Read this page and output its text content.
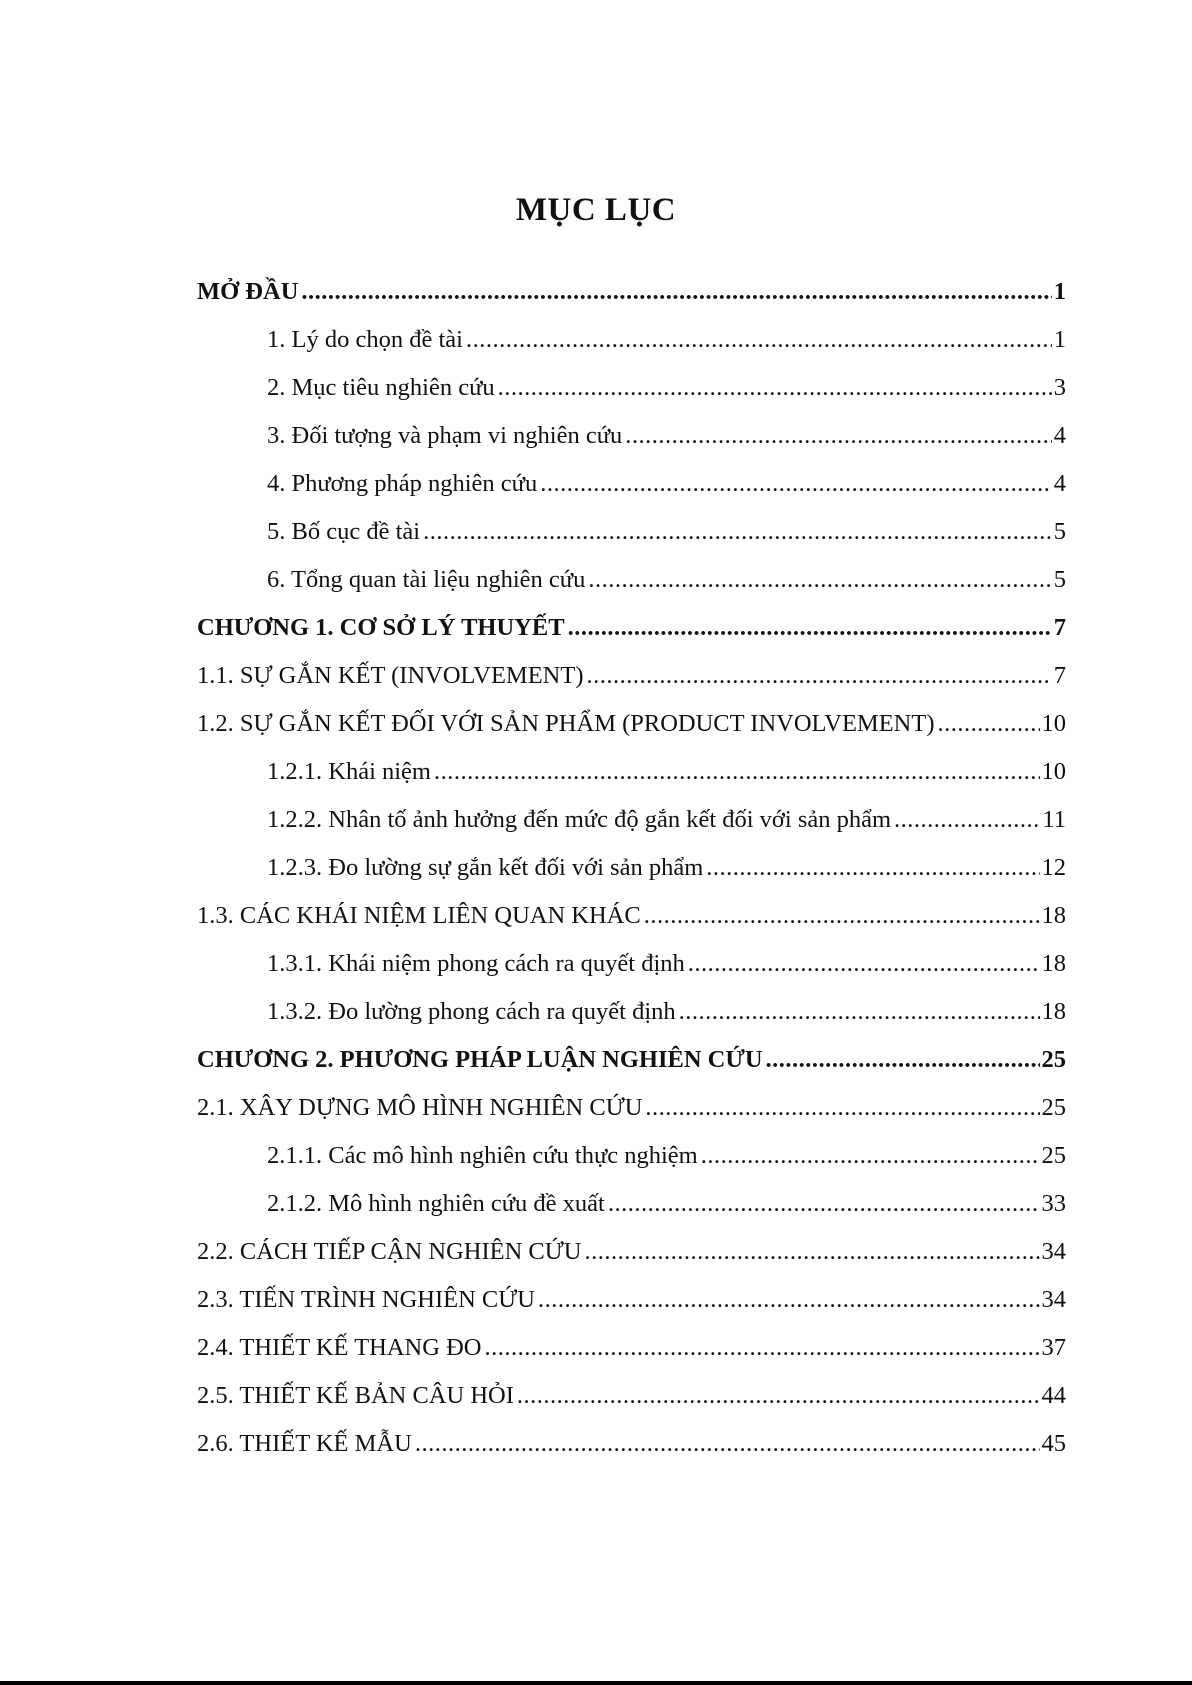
MỤC LỤC
MỞ ĐẦU .....	1
1. Lý do chọn đề tài .....	1
2. Mục tiêu nghiên cứu .....	3
3. Đối tượng và phạm vi nghiên cứu .....	4
4. Phương pháp nghiên cứu .....	4
5. Bố cục đề tài .....	5
6. Tổng quan tài liệu nghiên cứu .....	5
CHƯƠNG 1. CƠ SỞ LÝ THUYẾT .....	7
1.1. SỰ GẮN KẾT (INVOLVEMENT) .....	7
1.2. SỰ GẮN KẾT ĐỐI VỚI SẢN PHẨM (PRODUCT INVOLVEMENT) .....	10
1.2.1. Khái niệm .....	10
1.2.2. Nhân tố ảnh hưởng đến mức độ gắn kết đối với sản phẩm .....	11
1.2.3. Đo lường sự gắn kết đối với sản phẩm .....	12
1.3. CÁC KHÁI NIỆM LIÊN QUAN KHÁC .....	18
1.3.1. Khái niệm phong cách ra quyết định .....	18
1.3.2. Đo lường phong cách ra quyết định .....	18
CHƯƠNG 2. PHƯƠNG PHÁP LUẬN NGHIÊN CỨU .....	25
2.1. XÂY DỰNG MÔ HÌNH NGHIÊN CỨU .....	25
2.1.1. Các mô hình nghiên cứu thực nghiệm .....	25
2.1.2. Mô hình nghiên cứu đề xuất .....	33
2.2. CÁCH TIẾP CẬN NGHIÊN CỨU .....	34
2.3. TIẾN TRÌNH NGHIÊN CỨU .....	34
2.4. THIẾT KẾ THANG ĐO .....	37
2.5. THIẾT KẾ BẢN CÂU HỎI .....	44
2.6. THIẾT KẾ MẪU .....	45
